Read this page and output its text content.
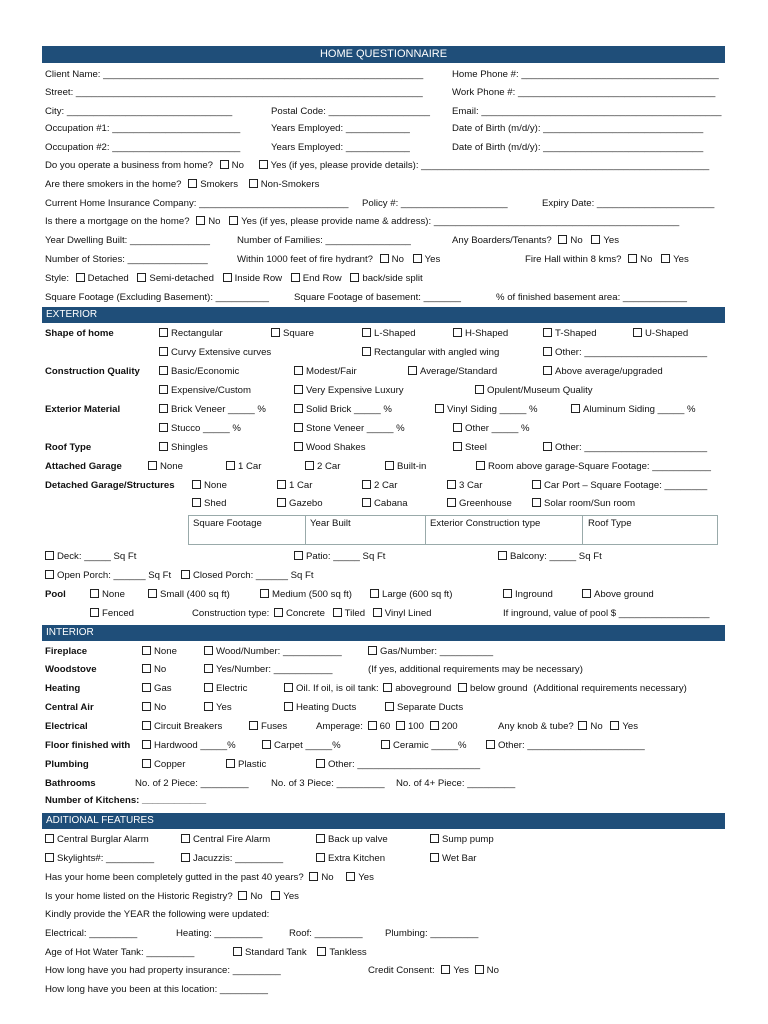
HOME QUESTIONNAIRE
Client Name: ____________________________________________________________	Home Phone #: _____________________________________
Street: _________________________________________________________________	Work Phone #: _____________________________________
City: _______________________________	Postal Code: ___________________ Email: _____________________________________________
Occupation #1: ________________________	Years Employed: ____________	Date of Birth (m/d/y): ______________________________
Occupation #2: ________________________	Years Employed: ____________	Date of Birth (m/d/y): ______________________________
Do you operate a business from home? No	Yes (if yes, please provide details): ______________________________________________________
Are there smokers in the home? Smokers Non-Smokers
Current Home Insurance Company: ____________________________ Policy #: ____________________	Expiry Date: ______________________
Is there a mortgage on the home? No Yes (if yes, please provide name & address): ______________________________________________
Year Dwelling Built: _______________	Number of Families: ________________	Any Boarders/Tenants? No Yes
Number of Stories: _______________	Within 1000 feet of fire hydrant? No Yes	Fire Hall within 8 kms? No Yes
Style: Detached Semi-detached Inside Row End Row back/side split
Square Footage (Excluding Basement): __________	Square Footage of basement: _______	% of finished basement area: ____________
EXTERIOR
Shape of home	Rectangular	Square	L-Shaped	H-Shaped	T-Shaped	U-Shaped
Curvy Extensive curves	Rectangular with angled wing	Other: _______________________
Construction Quality	Basic/Economic	Modest/Fair	Average/Standard	Above average/upgraded
Expensive/Custom	Very Expensive Luxury	Opulent/Museum Quality
Exterior Material	Brick Veneer _____ %	Solid Brick _____ %	Vinyl Siding _____ %	Aluminum Siding _____ %
Stucco _____ %	Stone Veneer _____ %	Other _____ %
Roof Type	Shingles	Wood Shakes	Steel	Other: _______________________
Attached Garage	None	1 Car	2 Car	Built-in	Room above garage-Square Footage: ___________
Detached Garage/Structures	None	1 Car	2 Car	3 Car	Car Port – Square Footage: ________
Shed	Gazebo	Cabana	Greenhouse	Solar room/Sun room
Square Footage	Year Built	Exterior Construction type	Roof Type
Deck: _____ Sq Ft	Patio: _____ Sq Ft	Balcony: _____ Sq Ft
Open Porch: ______ Sq Ft	Closed Porch: ______ Sq Ft
Pool	None	Small (400 sq ft)	Medium (500 sq ft)	Large (600 sq ft)	Inground	Above ground
Fenced	Construction type: Concrete Tiled Vinyl Lined	If inground, value of pool $ _________________
INTERIOR
Fireplace	None	Wood/Number: ___________	Gas/Number: __________
Woodstove	No	Yes/Number: ___________	(If yes, additional requirements may be necessary)
Heating	Gas	Electric	Oil. If oil, is oil tank: aboveground below ground (Additional requirements necessary)
Central Air	No	Yes	Heating Ducts	Separate Ducts
Electrical	Circuit Breakers	Fuses	Amperage: 60 100 200	Any knob & tube? No Yes
Floor finished with	Hardwood _____%	Carpet _____%	Ceramic _____%	Other: ______________________
Plumbing	Copper	Plastic	Other: _______________________
Bathrooms	No. of 2 Piece: _________ No. of 3 Piece: _________ No. of 4+ Piece: _________
Number of Kitchens: ____________
ADITIONAL FEATURES
Central Burglar Alarm	Central Fire Alarm	Back up valve	Sump pump
Skylights#: _________	Jacuzzis: _________	Extra Kitchen	Wet Bar
Has your home been completely gutted in the past 40 years? No	Yes
Is your home listed on the Historic Registry? No Yes
Kindly provide the YEAR the following were updated:
Electrical: _________	Heating: _________	Roof: _________ Plumbing: _________
Age of Hot Water Tank: _________	Standard Tank Tankless
How long have you had property insurance: _________	Credit Consent: Yes No
How long have you been at this location: _________
